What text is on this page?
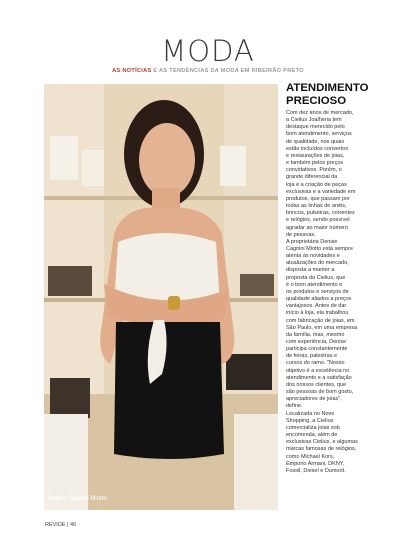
MODA
AS NOTÍCIAS E AS TENDÊNCIAS DA MODA EM RIBEIRÃO PRETO
Denise Cagnini Miotto
ATENDIMENTO
PRECIOSO
Com dez anos de mercado,
a Cielius Joalheria tem
destaque merecido pelo
bom atendimento, serviços
de qualidade, nos quais
estão incluídos consertos
e restaurações de joias,
e também pelos preços
convidativos. Porém, o
grande diferencial da
loja é a criação de peças
exclusivas e a variedade em
produtos, que passam por
todas as linhas de anéis,
brincos, pulseiras, correntes
e relógios, sendo possível
agradar ao maior número
de pessoas.
A proprietária Denise
Cagnini Miotto está sempre
atenta às novidades e
atualizações do mercado,
disposta a manter a
proposta da Cielius, que
é o bom atendimento e
os produtos e serviços de
qualidade aliados a preços
vantajosos. Antes de dar
início à loja, ela trabalhou
com fabricação de joias, em
São Paulo, em uma empresa
da família, mas, mesmo
com experiência, Denise
participa constantemente
de feiras, palestras e
cursos do ramo. "Nosso
objetivo é a excelência no
atendimento e a satisfação
dos nossos clientes, que
são pessoas de bom gosto,
apreciadores de joias",
define.
Localizada no Novo
Shopping, a Cielius
comercializa joias sob
encomenda, além de
exclusivas Cielius, e algumas
marcas famosas de relógios,
como Michael Kors,
Emporio Armani, DKNY,
Fossil, Diesel e Dumont.
REVIDE | 46
